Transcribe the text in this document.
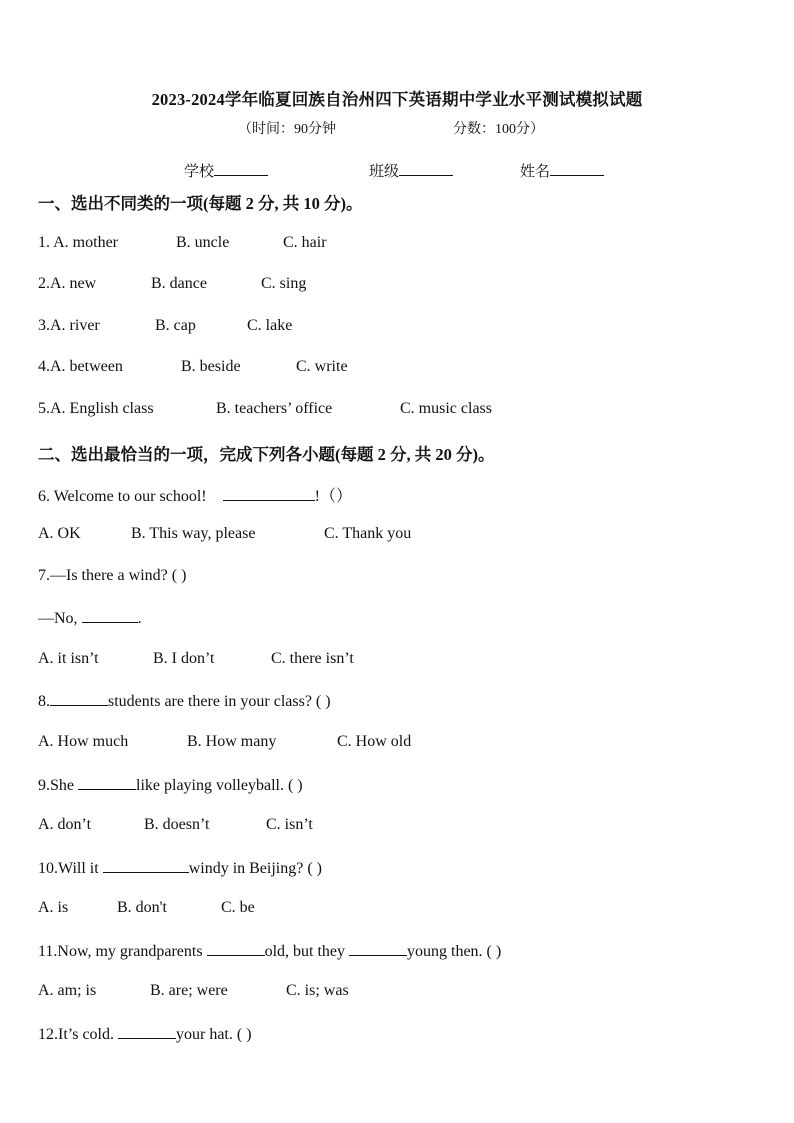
2023-2024学年临夏回族自治州四下英语期中学业水平测试模拟试题
（时间：90分钟	分数：100分）
学校	班级	姓名
一、选出不同类的一项(每题 2 分, 共 10 分)。
1. A. mother	B. uncle	C. hair
2.A. new	B. dance	C. sing
3.A. river	B. cap	C. lake
4.A. between	B. beside	C. write
5.A. English class	B. teachers’ office	C. music class
二、选出最恰当的一项，完成下列各小题(每题 2 分, 共 20 分)。
6. Welcome to our school!	!（）
A. OK	B. This way, please	C. Thank you
7.—Is there a wind? ( )
—No,	.
A. it isn’t	B. I don’t	C. there isn’t
8.	students are there in your class? ( )
A. How much	B. How many	C. How old
9.She	like playing volleyball. ( )
A. don’t	B. doesn’t	C. isn’t
10.Will it	windy in Beijing? ( )
A. is	B. don't	C. be
11.Now, my grandparents	old, but they	young then. ( )
A. am; is	B. are; were	C. is; was
12.It’s cold.	your hat. ( )
